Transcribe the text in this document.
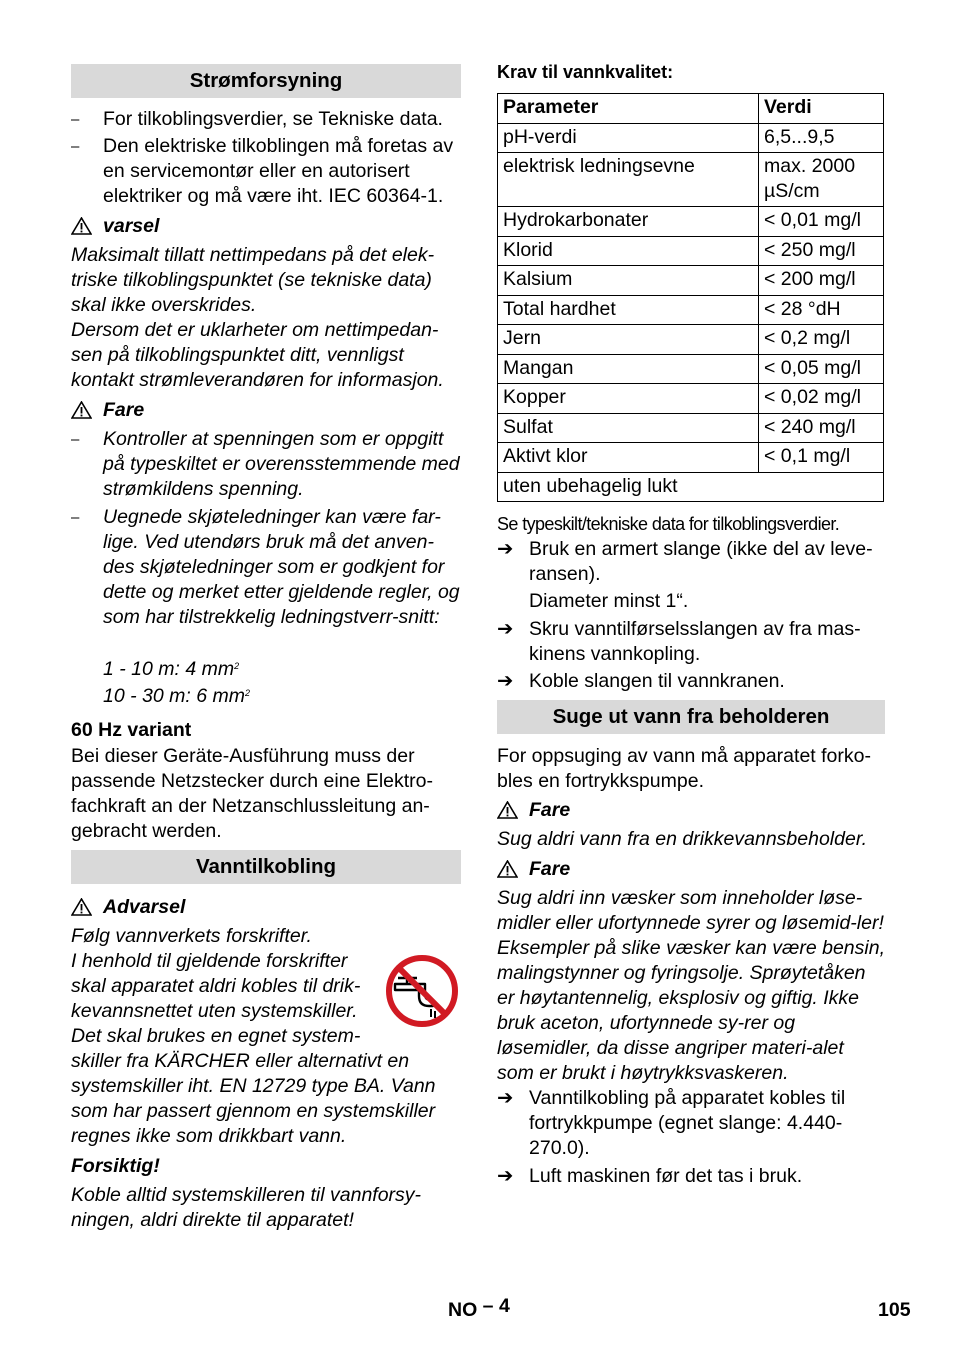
Strømforsyning
–	For tilkoblingsverdier, se Tekniske data.
–	Den elektriske tilkoblingen må foretas av en servicemontør eller en autorisert elektriker og må være iht. IEC 60364-1.
varsel
Maksimalt tillatt nettimpedans på det elek-triske tilkoblingspunktet (se tekniske data) skal ikke overskrides.
Dersom det er uklarheter om nettimpedan-sen på tilkoblingspunktet ditt, vennligst kontakt strømleverandøren for informasjon.
Fare
–	Kontroller at spenningen som er oppgitt på typeskiltet er overensstemmende med strømkildens spenning.
–	Uegnede skjøteledninger kan være far-lige. Ved utendørs bruk må det anven-des skjøteledninger som er godkjent for dette og merket etter gjeldende regler, og som har tilstrekkelig ledningstverr-snitt:
1 - 10 m: 4 $mm^2$
10 - 30 m: 6 $mm^2$
60 Hz variant
Bei dieser Geräte-Ausführung muss der passende Netzstecker durch eine Elektro-fachkraft an der Netzanschlussleitung an-gebracht werden.
Vanntilkobling
Advarsel
Følg vannverkets forskrifter.
I henhold til gjeldende forskrifter
skal apparatet aldri kobles til drik-
kevannsnettet uten systemskiller.
Det skal brukes en egnet system-
skiller fra KÄRCHER eller alternativt en
systemskiller iht. EN 12729 type BA. Vann
som har passert gjennom en systemskiller
regnes ikke som drikkbart vann.
Forsiktig!
Koble alltid systemskilleren til vannforsy-ningen, aldri direkte til apparatet!
Krav til vannkvalitet:
Parameter	Verdi
pH-verdi	6,5...9,5
elektrisk ledningsevne	max. 2000 µS/cm
Hydrokarbonater	< 0,01 mg/l
Klorid	< 250 mg/l
Kalsium	< 200 mg/l
Total hardhet	< 28 °dH
Jern	< 0,2 mg/l
Mangan	< 0,05 mg/l
Kopper	< 0,02 mg/l
Sulfat	< 240 mg/l
Aktivt klor	< 0,1 mg/l
uten ubehagelig lukt	
Se typeskilt/tekniske data for tilkoblingsverdier.
➔ Bruk en armert slange (ikke del av leve-ransen).
Diameter minst 1“.
➔ Skru vanntilførselsslangen av fra mas-kinens vannkopling.
➔ Koble slangen til vannkranen.
Suge ut vann fra beholderen
For oppsuging av vann må apparatet forko-bles en fortrykkspumpe.
Fare
Sug aldri vann fra en drikkevannsbeholder.
Fare
Sug aldri inn væsker som inneholder løse-midler eller ufortynnede syrer og løsemid-ler! Eksempler på slike væsker kan være bensin, malingstynner og fyringsolje. Sprøytetåken er høytantennelig, eksplosiv og giftig. Ikke bruk aceton, ufortynnede sy-rer og løsemidler, da disse angriper materi-alet som er brukt i høytrykksvaskeren.
➔ Vanntilkobling på apparatet kobles til fortrykkpumpe (egnet slange: 4.440-270.0).
➔ Luft maskinen før det tas i bruk.
NO – 4	105
